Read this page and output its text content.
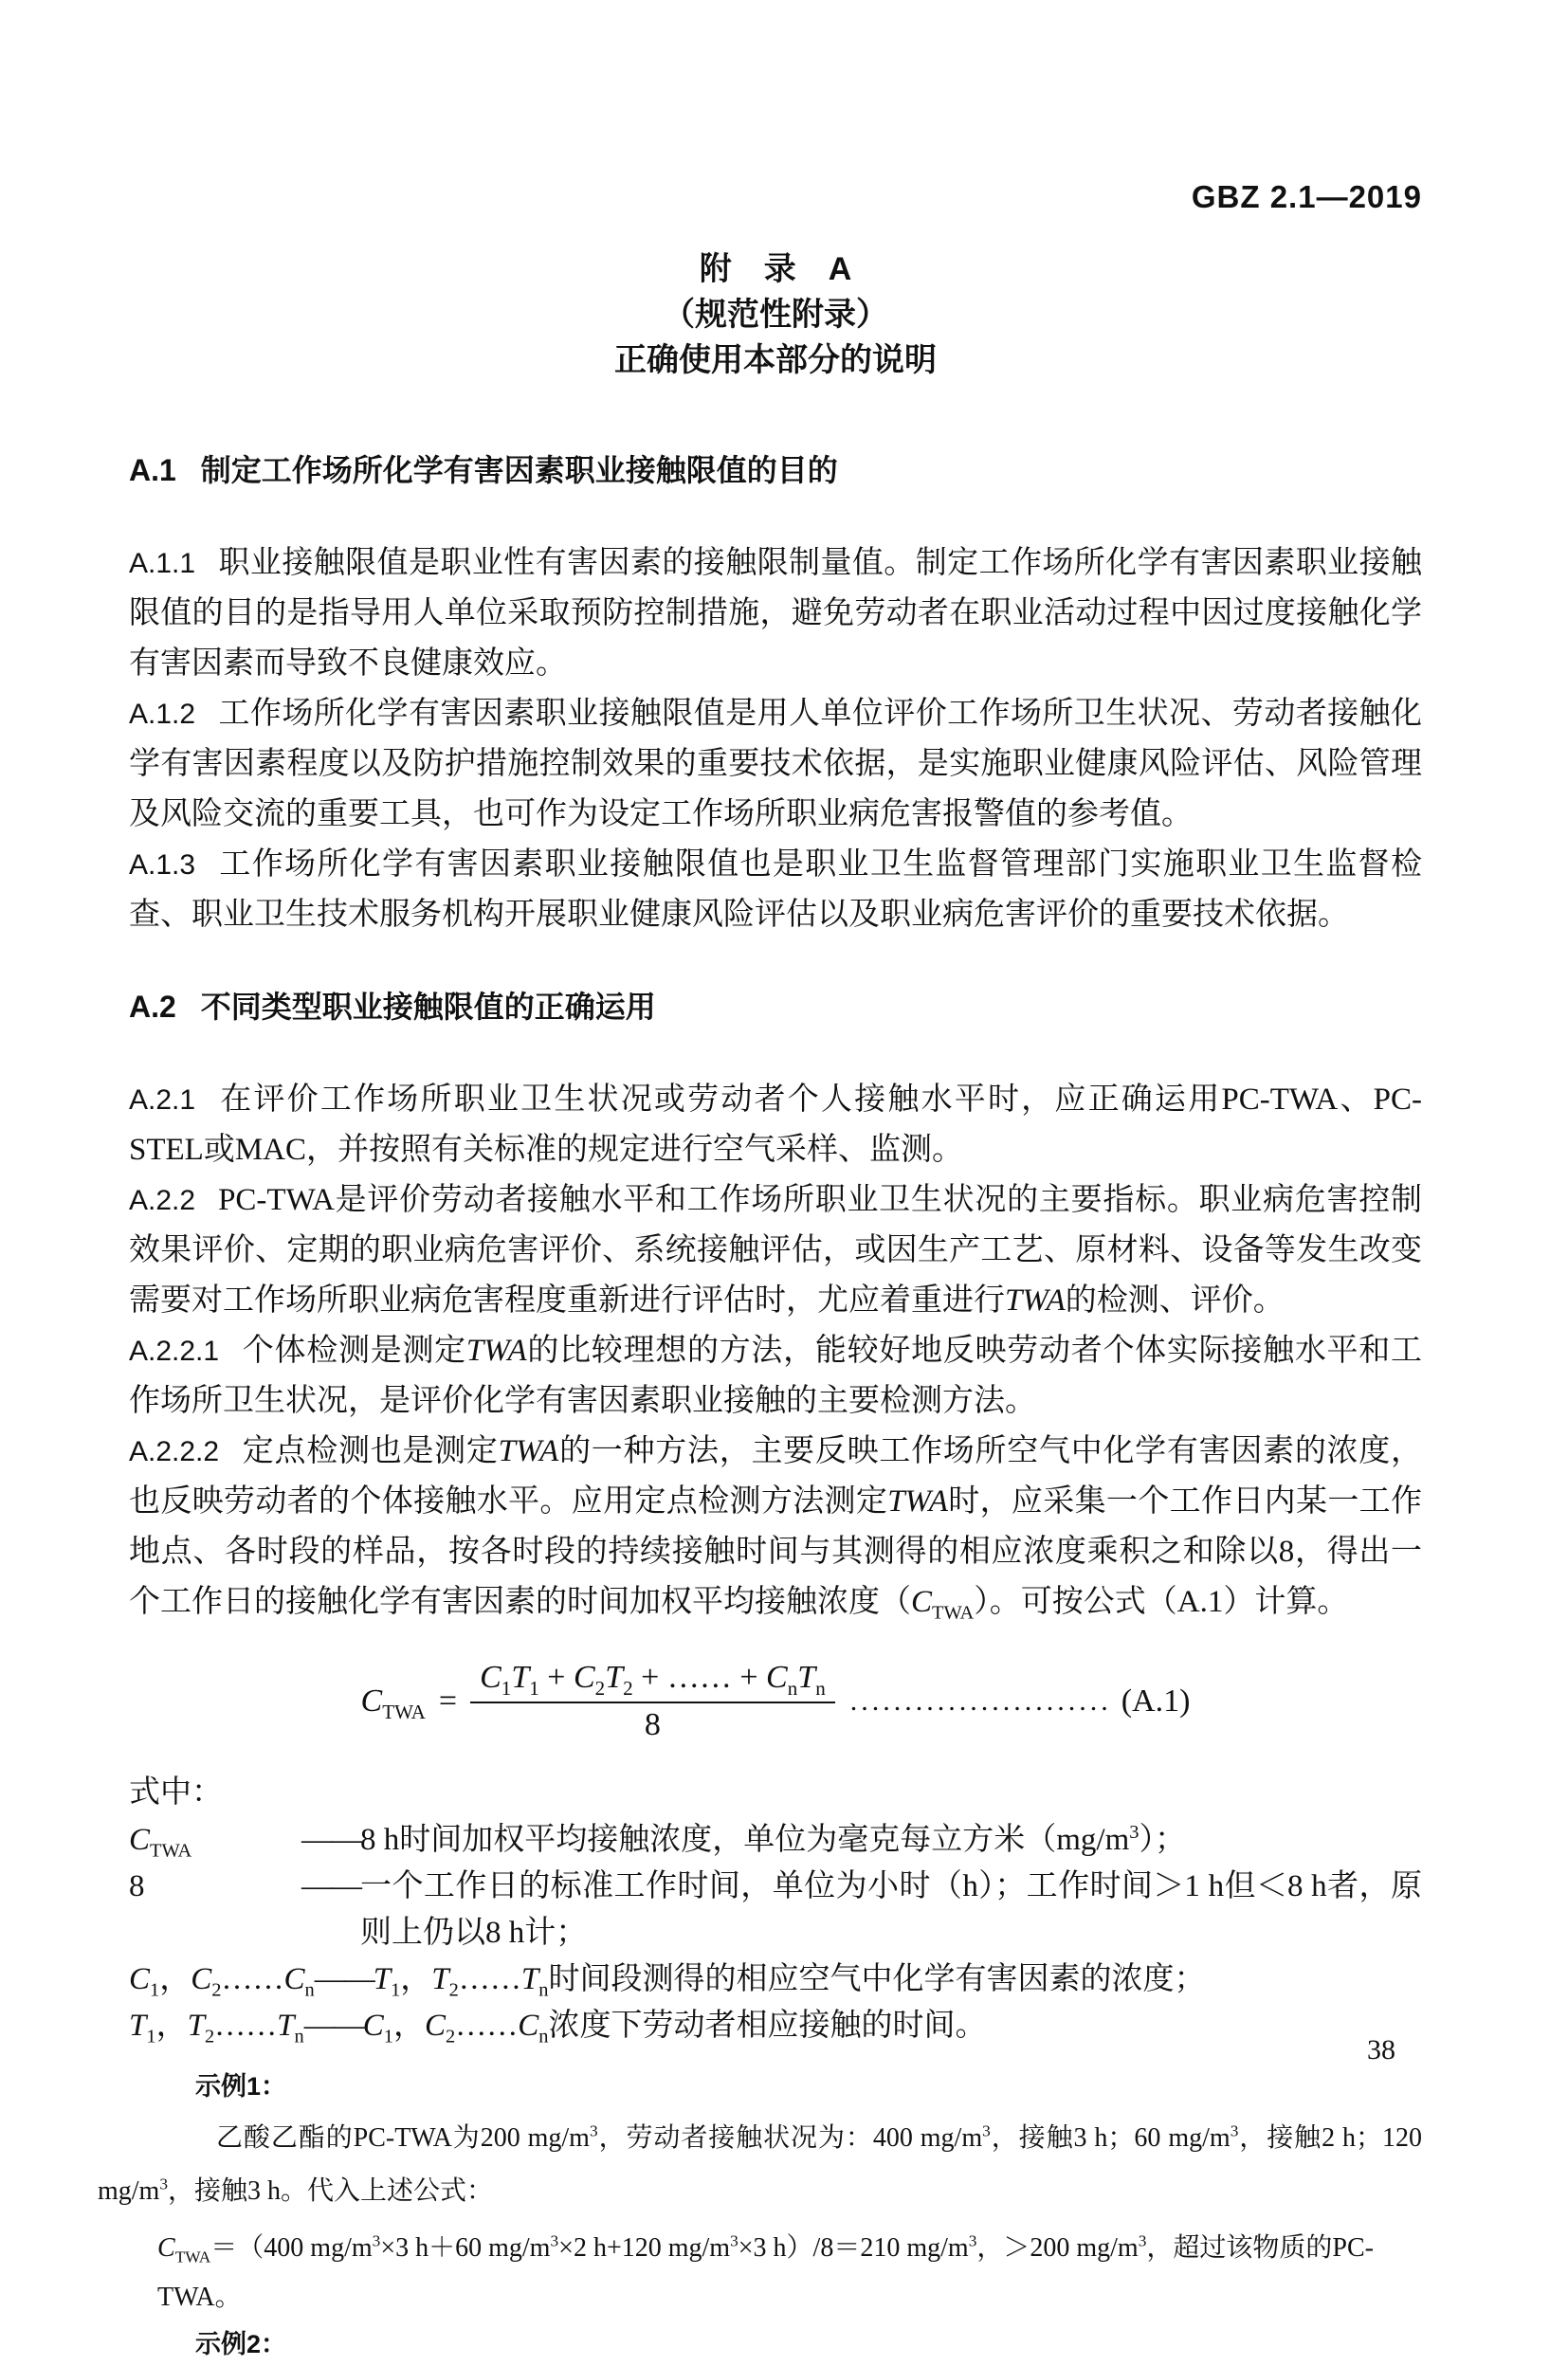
GBZ 2.1—2019
附　录　A
（规范性附录）
正确使用本部分的说明
A.1 制定工作场所化学有害因素职业接触限值的目的

A.1.1 职业接触限值是职业性有害因素的接触限制量值。制定工作场所化学有害因素职业接触限值的目的是指导用人单位采取预防控制措施，避免劳动者在职业活动过程中因过度接触化学有害因素而导致不良健康效应。

A.1.2 工作场所化学有害因素职业接触限值是用人单位评价工作场所卫生状况、劳动者接触化学有害因素程度以及防护措施控制效果的重要技术依据，是实施职业健康风险评估、风险管理及风险交流的重要工具，也可作为设定工作场所职业病危害报警值的参考值。

A.1.3 工作场所化学有害因素职业接触限值也是职业卫生监督管理部门实施职业卫生监督检查、职业卫生技术服务机构开展职业健康风险评估以及职业病危害评价的重要技术依据。

A.2 不同类型职业接触限值的正确运用

A.2.1 在评价工作场所职业卫生状况或劳动者个人接触水平时，应正确运用PC-TWA、PC-STEL或MAC，并按照有关标准的规定进行空气采样、监测。

A.2.2 PC-TWA是评价劳动者接触水平和工作场所职业卫生状况的主要指标。职业病危害控制效果评价、定期的职业病危害评价、系统接触评估，或因生产工艺、原材料、设备等发生改变需要对工作场所职业病危害程度重新进行评估时，尤应着重进行TWA的检测、评价。

A.2.2.1 个体检测是测定TWA的比较理想的方法，能较好地反映劳动者个体实际接触水平和工作场所卫生状况，是评价化学有害因素职业接触的主要检测方法。

A.2.2.2 定点检测也是测定TWA的一种方法，主要反映工作场所空气中化学有害因素的浓度，也反映劳动者的个体接触水平。应用定点检测方法测定TWA时，应采集一个工作日内某一工作地点、各时段的样品，按各时段的持续接触时间与其测得的相应浓度乘积之和除以8，得出一个工作日的接触化学有害因素的时间加权平均接触浓度$(C_{TWA})$。可按公式（A.1）计算。

$C_{TWA} = \frac{C_1T_1 + C_2T_2 + \dots\dots + C_nT_n}{8}$ ........................ (A.1)
式中：
$C_{TWA}$	—— 8 h时间加权平均接触浓度，单位为毫克每立方米$(mg/m^3)$；
8	—— 一个工作日的标准工作时间，单位为小时（h）；工作时间＞1 h但＜8 h者，原则上仍以8 h计；
$C_1$，$C_2\dots\dots C_n$ —— $T_1$，$T_2\dots\dots T_n$时间段测得的相应空气中化学有害因素的浓度；
$T_1$，$T_2\dots\dots T_n$ —— $C_1$，$C_2\dots\dots C_n$浓度下劳动者相应接触的时间。
示例1：

乙酸乙酯的PC-TWA为200 $mg/m^3$，劳动者接触状况为：400 $mg/m^3$，接触3 h；60 $mg/m^3$，接触2 h；120 $mg/m^3$，接触3 h。代入上述公式：

$C_{TWA}=(400$ $mg/m^3\times 3$ h＋60 $mg/m^3\times 2$ h+120 $mg/m^3\times 3$ h）/8＝210 $mg/m^3$，＞200 $mg/m^3$，超过该物质的PC-TWA。

示例2：
38
